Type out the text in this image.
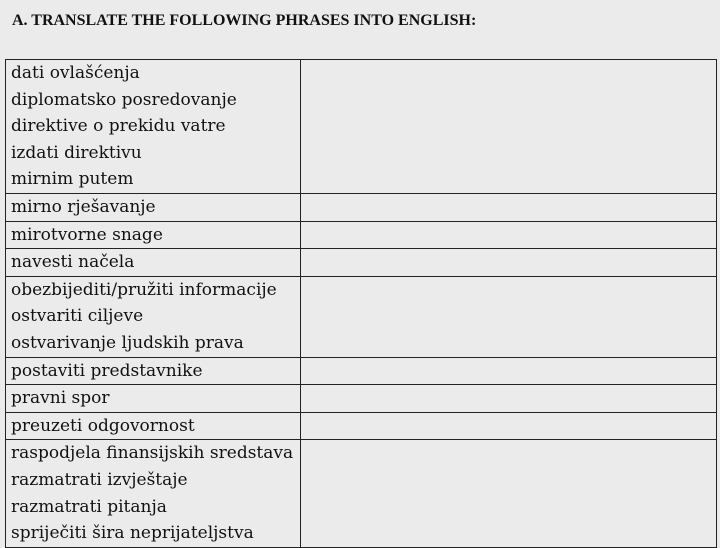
A. TRANSLATE THE FOLLOWING PHRASES INTO ENGLISH:
dati ovlašćenja
diplomatsko posredovanje
direktive o prekidu vatre
izdati direktivu
mirnim putem	

mirno rješavanje	

mirotvorne snage	

navesti načela	

obezbijediti/pružiti informacije
ostvariti ciljeve
ostvarivanje ljudskih prava	

postaviti predstavnike	

pravni spor	

preuzeti odgovornost	

raspodjela finansijskih sredstava
razmatrati izvještaje
razmatrati pitanja
spriječiti šira neprijateljstva	
